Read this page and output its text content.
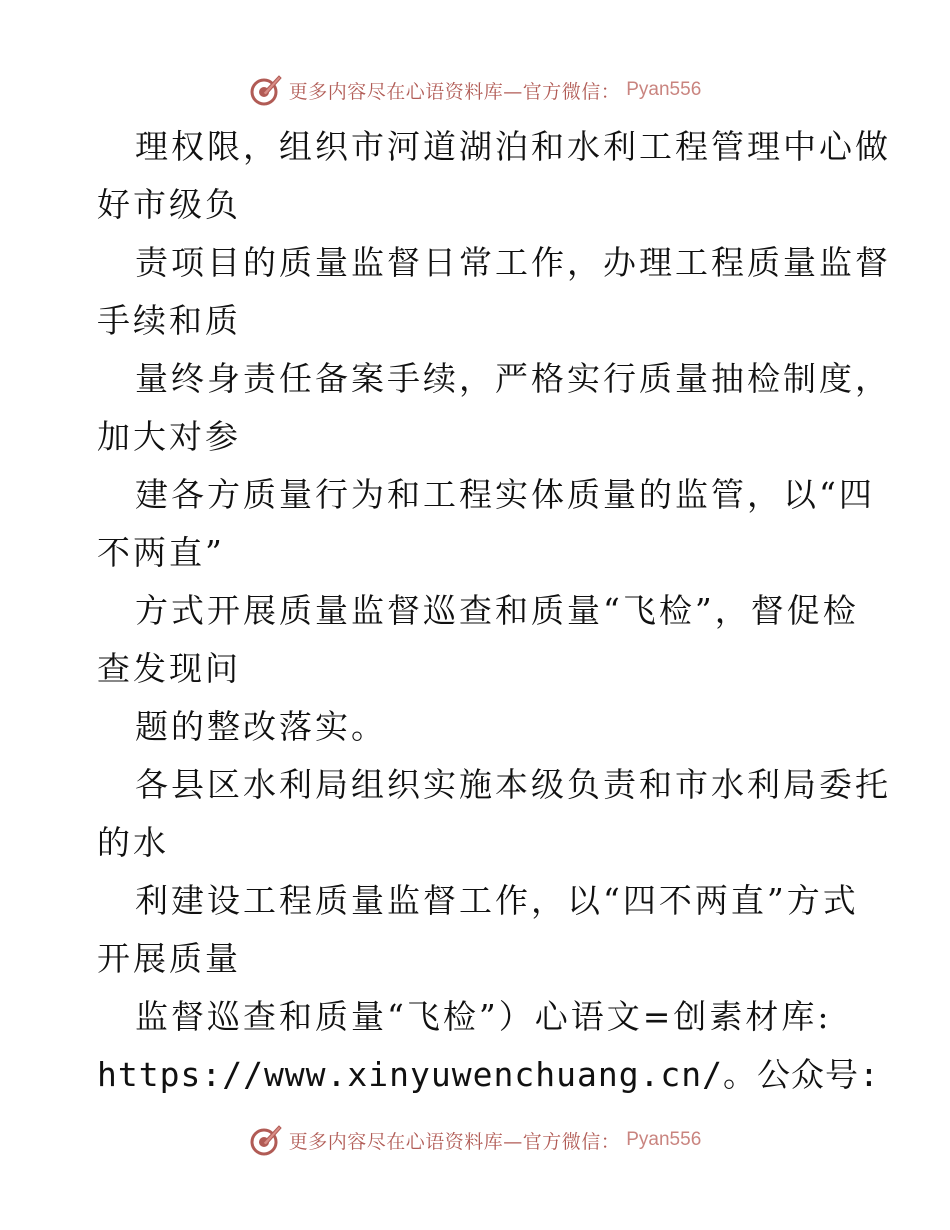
更多内容尽在心语资料库—官方微信： Pyan556
理权限，组织市河道湖泊和水利工程管理中心做
好市级负
责项目的质量监督日常工作，办理工程质量监督
手续和质
量终身责任备案手续，严格实行质量抽检制度，
加大对参
建各方质量行为和工程实体质量的监管，以“四
不两直”
方式开展质量监督巡查和质量“飞检”，督促检
查发现问
题的整改落实。
各县区水利局组织实施本级负责和市水利局委托
的水
利建设工程质量监督工作，以“四不两直”方式
开展质量
监督巡查和质量“飞检”）心语文=创素材库:
https://www.xinyuwenchuang.cn/。公众号:
更多内容尽在心语资料库—官方微信： Pyan556
